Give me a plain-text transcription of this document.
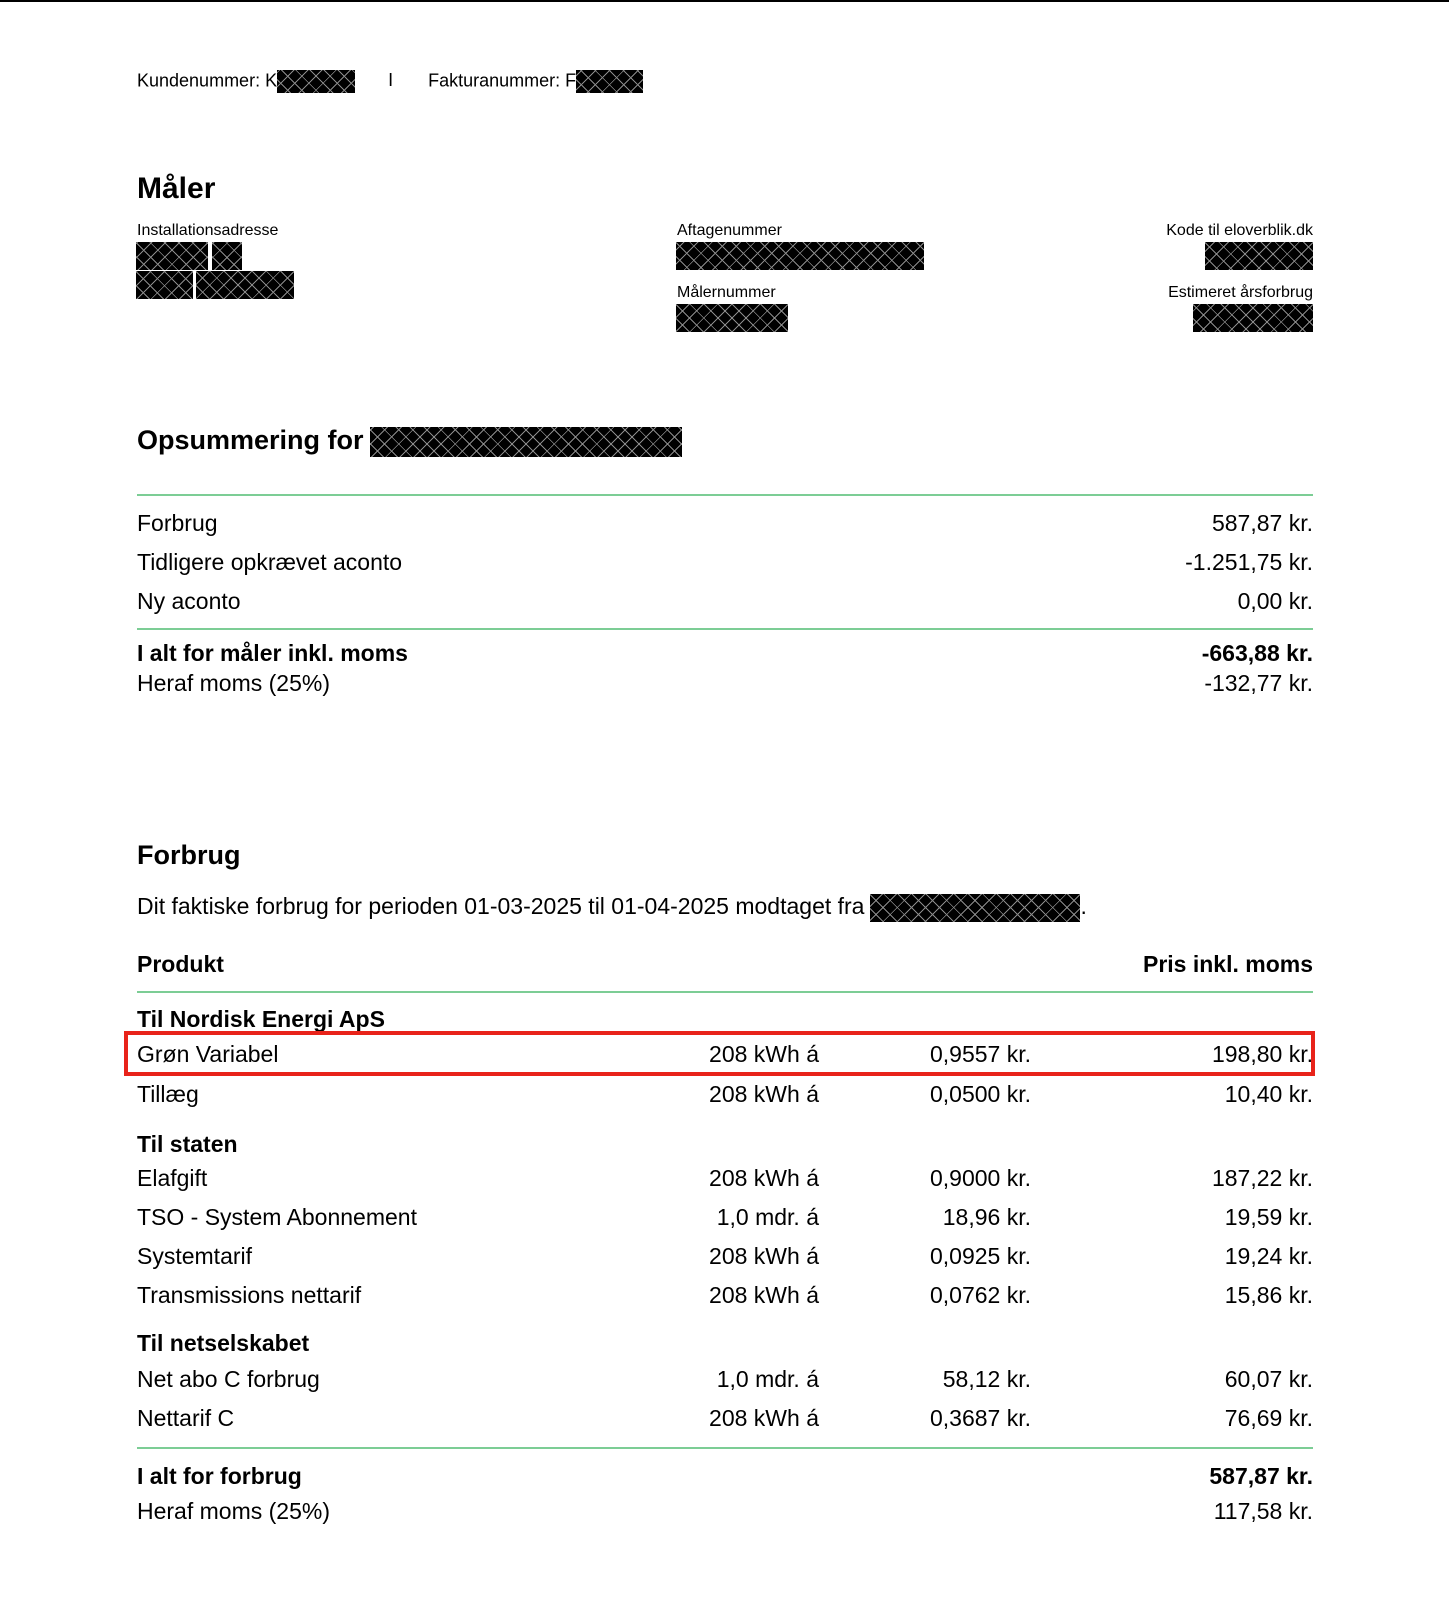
Kundenummer: K	I Fakturanummer: F
Måler
Installationsadresse	Aftagenummer
Målernummer
Kode til eloverblik.dk
Estimeret årsforbrug
Opsummering for
Forbrug	587,87 kr.
Tidligere opkrævet aconto	-1.251,75 kr.
Ny aconto	0,00 kr.
I alt for måler inkl. moms	-663,88 kr.
Heraf moms (25%)	-132,77 kr.
Forbrug
Dit faktiske forbrug for perioden 01-03-2025 til 01-04-2025 modtaget fra	.
Produkt	Pris inkl. moms
Til Nordisk Energi ApS
Grøn Variabel	208 kWh á	0,9557 kr.	198,80 kr.
Tillæg	208 kWh á	0,0500 kr.	10,40 kr.
Til staten
Elafgift	208 kWh á	0,9000 kr.	187,22 kr.
TSO - System Abonnement	1,0 mdr. á	18,96 kr.	19,59 kr.
Systemtarif	208 kWh á	0,0925 kr.	19,24 kr.
Transmissions nettarif	208 kWh á	0,0762 kr.	15,86 kr.
Til netselskabet
Net abo C forbrug	1,0 mdr. á	58,12 kr.	60,07 kr.
Nettarif C	208 kWh á	0,3687 kr.	76,69 kr.
I alt for forbrug	587,87 kr.
Heraf moms (25%)	117,58 kr.
